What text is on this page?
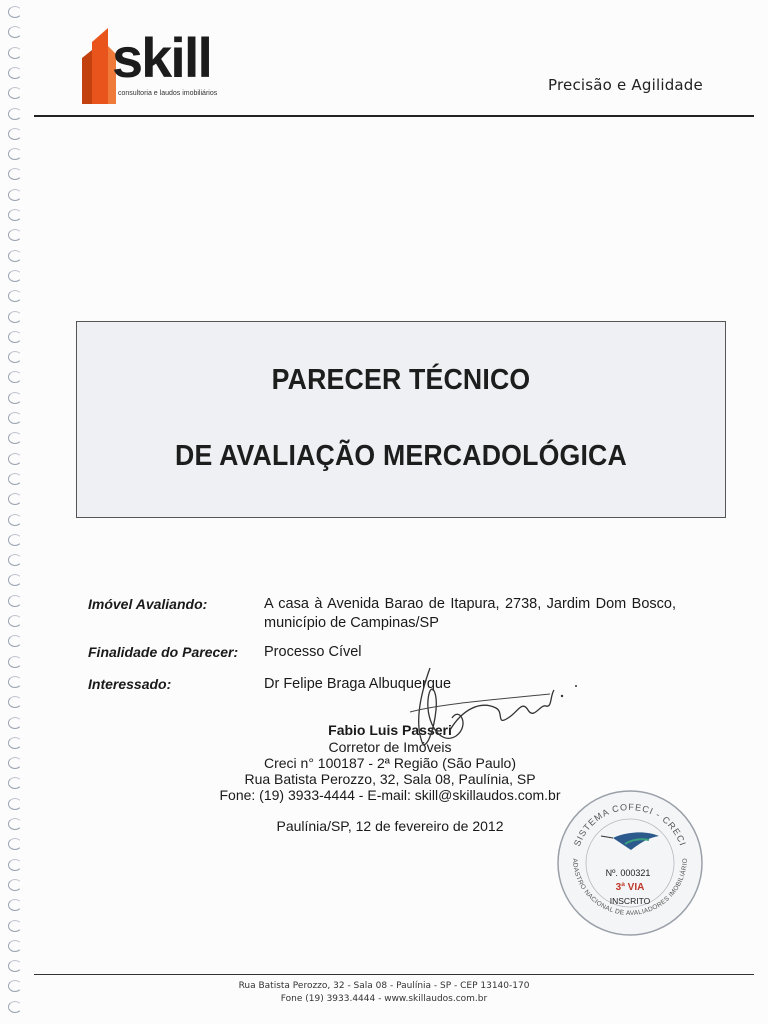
skill
consultoria e laudos imobiliários	Precisão e Agilidade
PARECER TÉCNICO
DE AVALIAÇÃO MERCADOLÓGICA
Imóvel Avaliando:	A casa à Avenida Barao de Itapura, 2738, Jardim Dom Bosco, município de Campinas/SP
Finalidade do Parecer: Processo Cível
Interessado:	Dr Felipe Braga Albuquerque
Fabio Luis Passeri
Corretor de Imóveis
Creci n° 100187 - 2ª Região (São Paulo)
Rua Batista Perozzo, 32, Sala 08, Paulínia, SP
Fone: (19) 3933-4444 - E-mail: skill@skillaudos.com.br
Paulínia/SP, 12 de fevereiro de 2012
SISTEMA COFECI - CRECI
ADASTRO NACIONAL DE AVALIADORES IMOBILIÁRIO
Nº. 000321
3ª VIA
INSCRITO
Rua Batista Perozzo, 32 - Sala 08 - Paulínia - SP - CEP 13140-170
Fone (19) 3933.4444 - www.skillaudos.com.br
